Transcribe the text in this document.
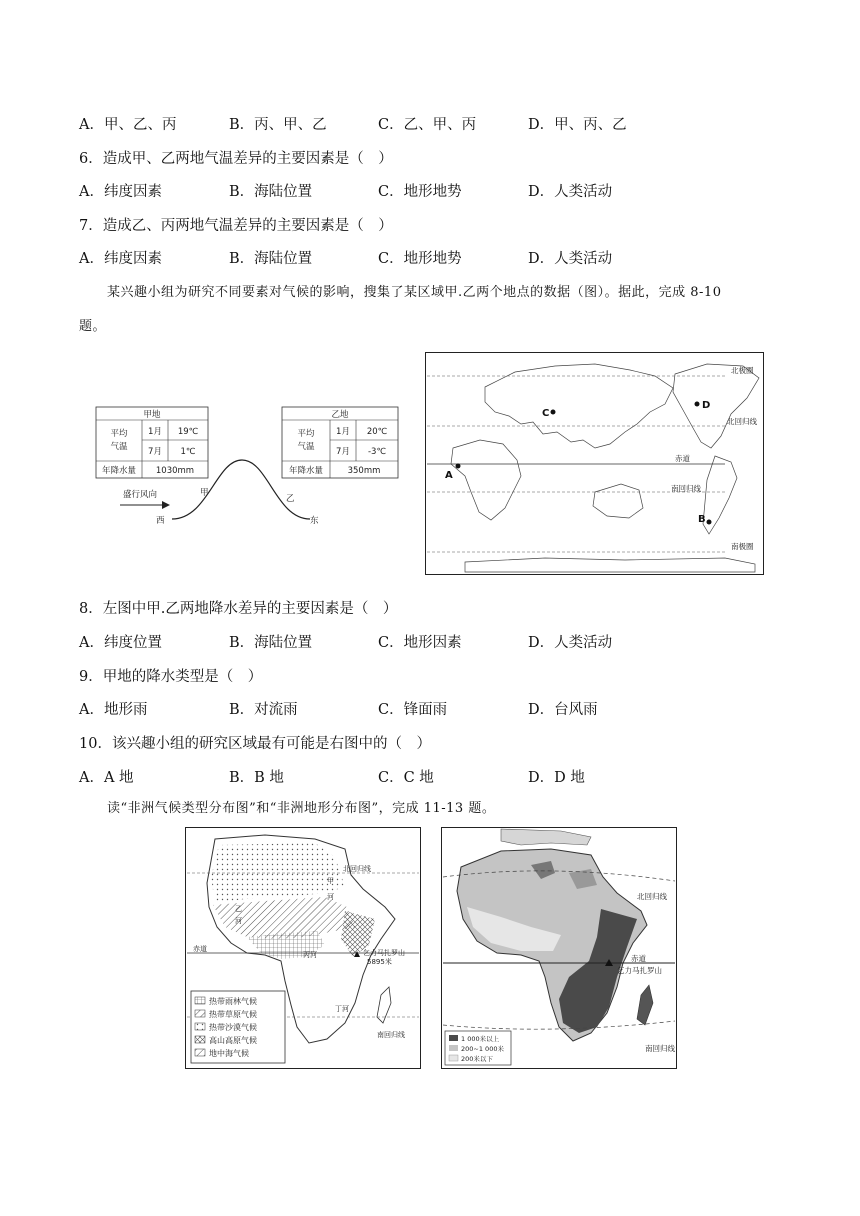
A．甲、乙、丙	B．丙、甲、乙	C．乙、甲、丙	D．甲、丙、乙
6．造成甲、乙两地气温差异的主要因素是（　）
A．纬度因素	B．海陆位置	C．地形地势	D．人类活动
7．造成乙、丙两地气温差异的主要因素是（　）
A．纬度因素	B．海陆位置	C．地形地势	D．人类活动
某兴趣小组为研究不同要素对气候的影响，搜集了某区域甲.乙两个地点的数据（图）。据此，完成 8-10
题。
甲地
平均
气温
1月 19℃
7月 1℃
年降水量 1030mm
乙地
平均
气温
1月 20℃
7月 -3℃
年降水量	350mm
盛行风向
西	东
甲
乙
北极圈
北回归线
赤道
南回归线
南极圈
A
B
C
D
8．左图中甲.乙两地降水差异的主要因素是（　）
A．纬度位置	B．海陆位置	C．地形因素	D．人类活动
9．甲地的降水类型是（　）
A．地形雨	B．对流雨	C．锋面雨	D．台风雨
10．该兴趣小组的研究区域最有可能是右图中的（　）
A．A 地	B．B 地	C．C 地	D．D 地
读“非洲气候类型分布图”和“非洲地形分布图”，完成 11-13 题。
北回归线
赤道
甲
河
乙
河
丙河	乞力马扎罗山
5895米
丁河
南回归线
热带雨林气候
热带草原气候
热带沙漠气候
高山高原气候
地中海气候
北回归线
赤道
乞力马扎罗山
南回归线
1 000米以上
200~1 000米
200米以下
